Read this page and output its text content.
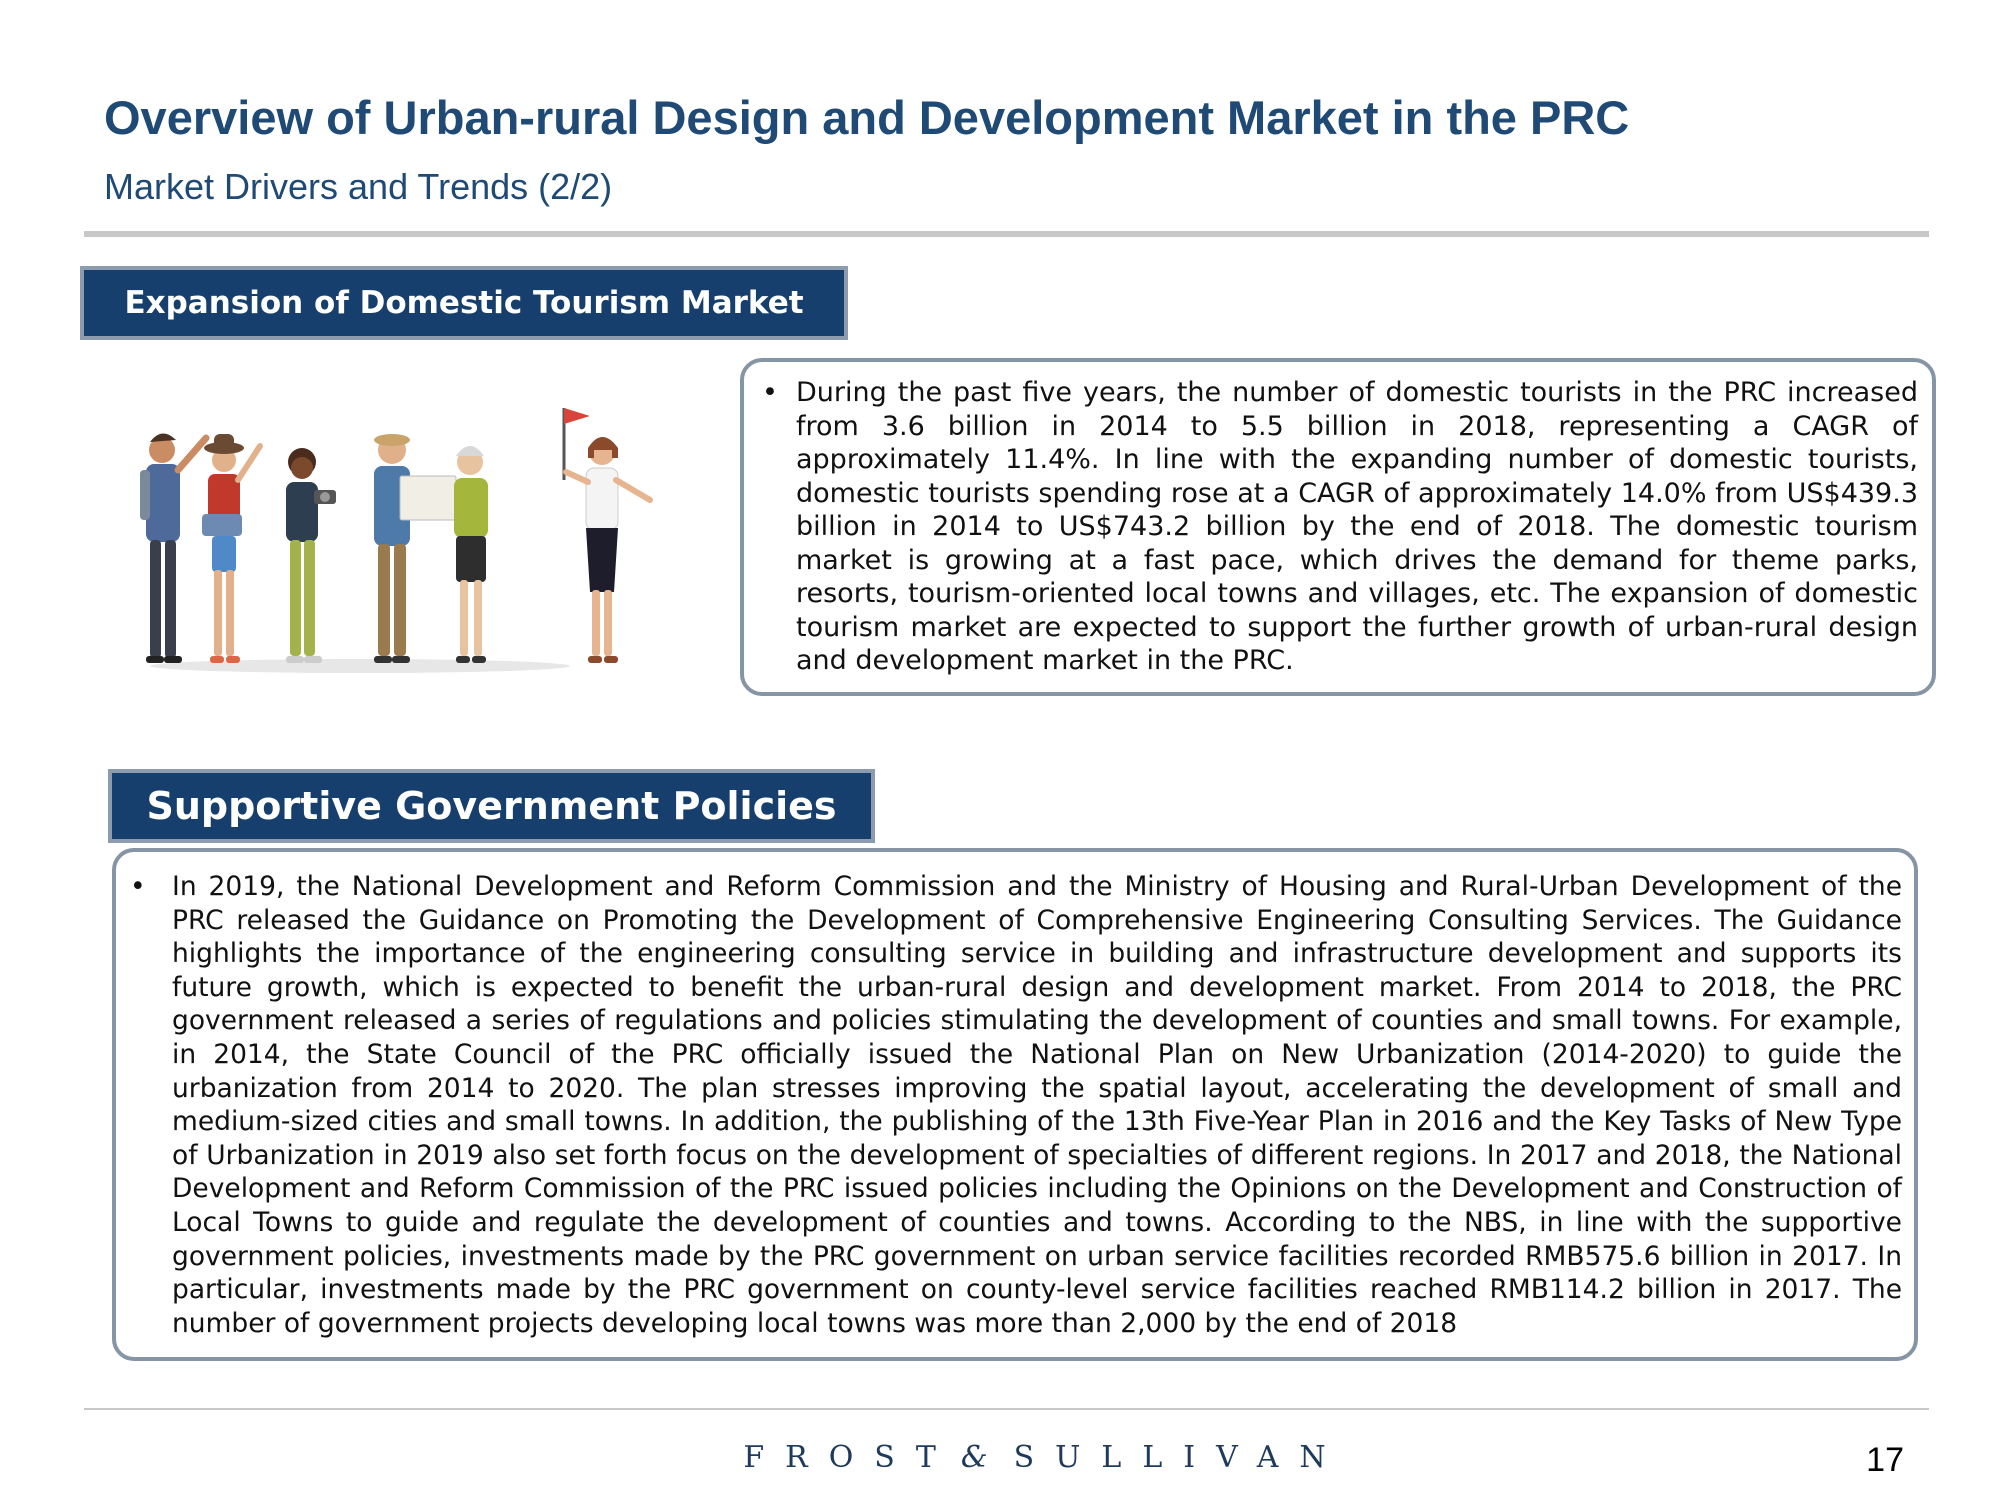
Overview of Urban-rural Design and Development Market in the PRC
Market Drivers and Trends (2/2)
Expansion of Domestic Tourism Market
• During the past five years, the number of domestic tourists in the PRC increased from 3.6 billion in 2014 to 5.5 billion in 2018, representing a CAGR of approximately 11.4%. In line with the expanding number of domestic tourists, domestic tourists spending rose at a CAGR of approximately 14.0% from US$439.3 billion in 2014 to US$743.2 billion by the end of 2018. The domestic tourism market is growing at a fast pace, which drives the demand for theme parks, resorts, tourism-oriented local towns and villages, etc. The expansion of domestic tourism market are expected to support the further growth of urban-rural design and development market in the PRC.
Supportive Government Policies
• In 2019, the National Development and Reform Commission and the Ministry of Housing and Rural-Urban Development of the PRC released the Guidance on Promoting the Development of Comprehensive Engineering Consulting Services. The Guidance highlights the importance of the engineering consulting service in building and infrastructure development and supports its future growth, which is expected to benefit the urban-rural design and development market. From 2014 to 2018, the PRC government released a series of regulations and policies stimulating the development of counties and small towns. For example, in 2014, the State Council of the PRC officially issued the National Plan on New Urbanization (2014-2020) to guide the urbanization from 2014 to 2020. The plan stresses improving the spatial layout, accelerating the development of small and medium-sized cities and small towns. In addition, the publishing of the 13th Five-Year Plan in 2016 and the Key Tasks of New Type of Urbanization in 2019 also set forth focus on the development of specialties of different regions. In 2017 and 2018, the National Development and Reform Commission of the PRC issued policies including the Opinions on the Development and Construction of Local Towns to guide and regulate the development of counties and towns. According to the NBS, in line with the supportive government policies, investments made by the PRC government on urban service facilities recorded RMB575.6 billion in 2017. In particular, investments made by the PRC government on county-level service facilities reached RMB114.2 billion in 2017. The number of government projects developing local towns was more than 2,000 by the end of 2018
FROST & SULLIVAN	17
